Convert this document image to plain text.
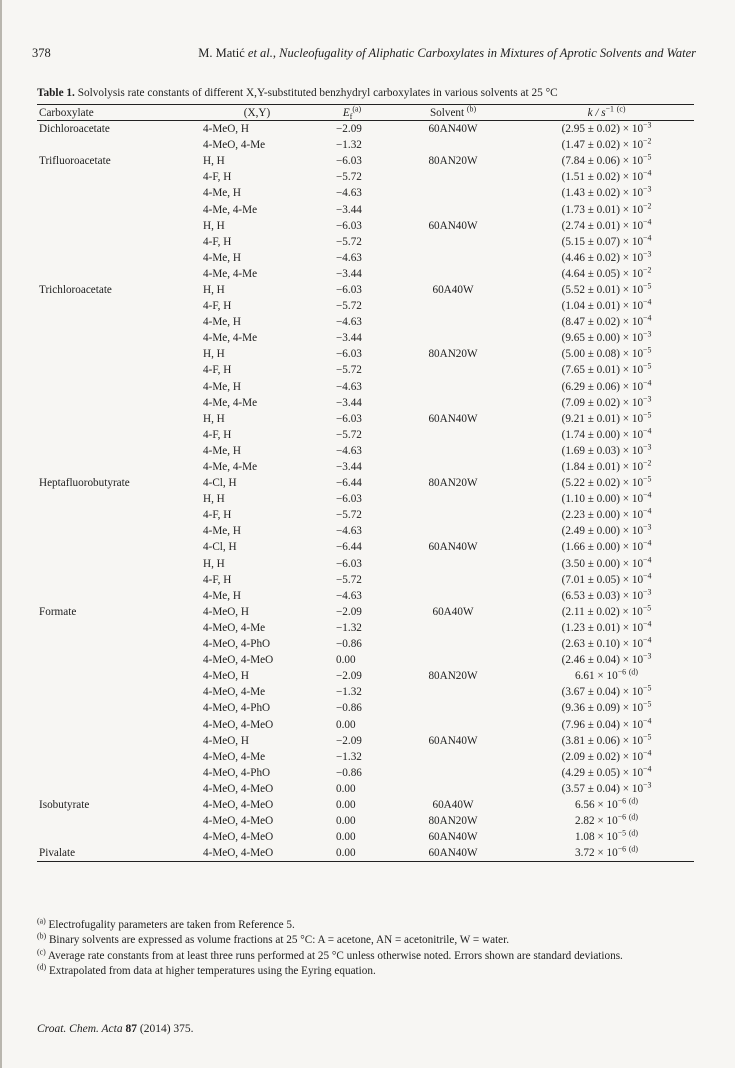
378	M. Matić et al., Nucleofugality of Aliphatic Carboxylates in Mixtures of Aprotic Solvents and Water
Table 1. Solvolysis rate constants of different X,Y-substituted benzhydryl carboxylates in various solvents at 25 °C
Carboxylate	(X,Y)	$E_f^{(a)}$	Solvent $^{(b)}$	k / $s^{-1}$ $^{(c)}$
Dichloroacetate	4-MeO, H	−2.09	60AN40W	$(2.95 \pm 0.02) \times 10^{-3}$
	4-MeO, 4-Me	−1.32		$(1.47 \pm 0.02) \times 10^{-2}$
Trifluoroacetate	H, H	−6.03	80AN20W	$(7.84 \pm 0.06) \times 10^{-5}$
	4-F, H	−5.72		$(1.51 \pm 0.02) \times 10^{-4}$
	4-Me, H	−4.63		$(1.43 \pm 0.02) \times 10^{-3}$
	4-Me, 4-Me	−3.44		$(1.73 \pm 0.01) \times 10^{-2}$
	H, H	−6.03	60AN40W	$(2.74 \pm 0.01) \times 10^{-4}$
	4-F, H	−5.72		$(5.15 \pm 0.07) \times 10^{-4}$
	4-Me, H	−4.63		$(4.46 \pm 0.02) \times 10^{-3}$
	4-Me, 4-Me	−3.44		$(4.64 \pm 0.05) \times 10^{-2}$
Trichloroacetate	H, H	−6.03	60A40W	$(5.52 \pm 0.01) \times 10^{-5}$
	4-F, H	−5.72		$(1.04 \pm 0.01) \times 10^{-4}$
	4-Me, H	−4.63		$(8.47 \pm 0.02) \times 10^{-4}$
	4-Me, 4-Me	−3.44		$(9.65 \pm 0.00) \times 10^{-3}$
	H, H	−6.03	80AN20W	$(5.00 \pm 0.08) \times 10^{-5}$
	4-F, H	−5.72		$(7.65 \pm 0.01) \times 10^{-5}$
	4-Me, H	−4.63		$(6.29 \pm 0.06) \times 10^{-4}$
	4-Me, 4-Me	−3.44		$(7.09 \pm 0.02) \times 10^{-3}$
	H, H	−6.03	60AN40W	$(9.21 \pm 0.01) \times 10^{-5}$
	4-F, H	−5.72		$(1.74 \pm 0.00) \times 10^{-4}$
	4-Me, H	−4.63		$(1.69 \pm 0.03) \times 10^{-3}$
	4-Me, 4-Me	−3.44		$(1.84 \pm 0.01) \times 10^{-2}$
Heptafluorobutyrate	4-Cl, H	−6.44	80AN20W	$(5.22 \pm 0.02) \times 10^{-5}$
	H, H	−6.03		$(1.10 \pm 0.00) \times 10^{-4}$
	4-F, H	−5.72		$(2.23 \pm 0.00) \times 10^{-4}$
	4-Me, H	−4.63		$(2.49 \pm 0.00) \times 10^{-3}$
	4-Cl, H	−6.44	60AN40W	$(1.66 \pm 0.00) \times 10^{-4}$
	H, H	−6.03		$(3.50 \pm 0.00) \times 10^{-4}$
	4-F, H	−5.72		$(7.01 \pm 0.05) \times 10^{-4}$
	4-Me, H	−4.63		$(6.53 \pm 0.03) \times 10^{-3}$
Formate	4-MeO, H	−2.09	60A40W	$(2.11 \pm 0.02) \times 10^{-5}$
	4-MeO, 4-Me	−1.32		$(1.23 \pm 0.01) \times 10^{-4}$
	4-MeO, 4-PhO	−0.86		$(2.63 \pm 0.10) \times 10^{-4}$
	4-MeO, 4-MeO	0.00		$(2.46 \pm 0.04) \times 10^{-3}$
	4-MeO, H	−2.09	80AN20W	$6.61 \times 10^{-6}$ $^{(d)}$
	4-MeO, 4-Me	−1.32		$(3.67 \pm 0.04) \times 10^{-5}$
	4-MeO, 4-PhO	−0.86		$(9.36 \pm 0.09) \times 10^{-5}$
	4-MeO, 4-MeO	0.00		$(7.96 \pm 0.04) \times 10^{-4}$
	4-MeO, H	−2.09	60AN40W	$(3.81 \pm 0.06) \times 10^{-5}$
	4-MeO, 4-Me	−1.32		$(2.09 \pm 0.02) \times 10^{-4}$
	4-MeO, 4-PhO	−0.86		$(4.29 \pm 0.05) \times 10^{-4}$
	4-MeO, 4-MeO	0.00		$(3.57 \pm 0.04) \times 10^{-3}$
Isobutyrate	4-MeO, 4-MeO	0.00	60A40W	$6.56 \times 10^{-6}$ $^{(d)}$
	4-MeO, 4-MeO	0.00	80AN20W	$2.82 \times 10^{-6}$ $^{(d)}$
	4-MeO, 4-MeO	0.00	60AN40W	$1.08 \times 10^{-5}$ $^{(d)}$
Pivalate	4-MeO, 4-MeO	0.00	60AN40W	$3.72 \times 10^{-6}$ $^{(d)}$
$^{(a)}$ Electrofugality parameters are taken from Reference 5.
$^{(b)}$ Binary solvents are expressed as volume fractions at 25 °C: A = acetone, AN = acetonitrile, W = water.
$^{(c)}$ Average rate constants from at least three runs performed at 25 °C unless otherwise noted. Errors shown are standard deviations.
$^{(d)}$ Extrapolated from data at higher temperatures using the Eyring equation.
Croat. Chem. Acta 87 (2014) 375.
